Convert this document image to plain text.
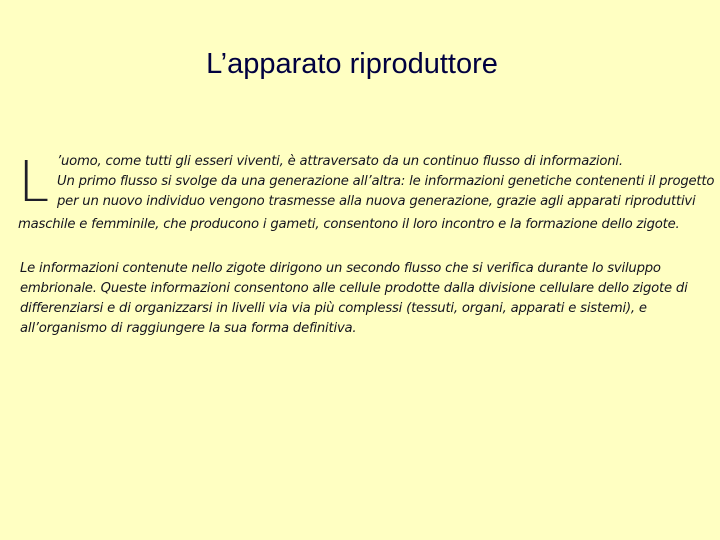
L’apparato riproduttore
L ’uomo, come tutti gli esseri viventi, è attraversato da un continuo flusso di informazioni.
Un primo flusso si svolge da una generazione all’altra: le informazioni genetiche contenenti il progetto
per un nuovo individuo vengono trasmesse alla nuova generazione, grazie agli apparati riproduttivi
maschile e femminile, che producono i gameti, consentono il loro incontro e la formazione dello zigote.
Le informazioni contenute nello zigote dirigono un secondo flusso che si verifica durante lo sviluppo
embrionale. Queste informazioni consentono alle cellule prodotte dalla divisione cellulare dello zigote di
differenziarsi e di organizzarsi in livelli via via più complessi (tessuti, organi, apparati e sistemi), e
all’organismo di raggiungere la sua forma definitiva.
